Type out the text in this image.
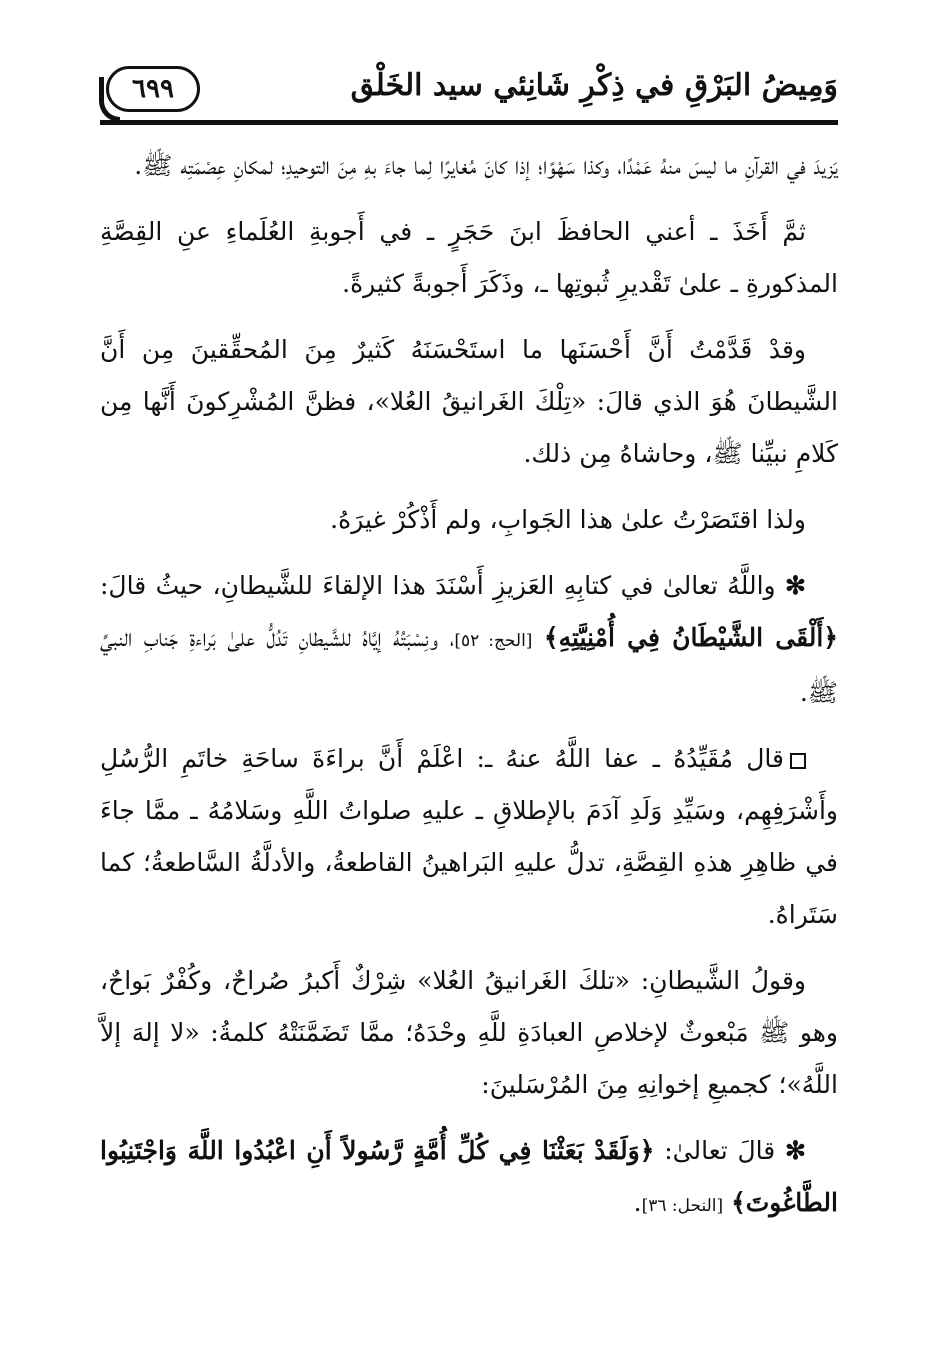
وَمِيضُ البَرْقِ في ذِكْرِ شَانِئي سيد الخَلْق
٦٩٩

يَزيدَ في القرآنِ ما ليسَ منهُ عَمْدًا، وكذا سَهْوًا؛ إذا كانَ مُغايرًا لِما جاءَ بهِ مِنَ التوحيدِ؛ لمكانِ عِصْمَتِه ﷺ.

ثمَّ أَخَذَ ـ أعني الحافظَ ابنَ حَجَرٍ ـ في أَجوبةِ العُلَماءِ عنِ القِصَّةِ المذكورةِ ـ علىٰ تَقْديرِ ثُبوتِها ـ، وذَكَرَ أَجوبةً كثيرةً.

وقدْ قَدَّمْتُ أَنَّ أَحْسَنَها ما استَحْسَنَهُ كَثيرٌ مِنَ المُحقِّقينَ مِن أَنَّ الشَّيطانَ هُوَ الذي قالَ: «تِلْكَ الغَرانيقُ العُلا»، فظنَّ المُشْرِكونَ أَنَّها مِن كَلامِ نبيِّنا ﷺ، وحاشاهُ مِن ذلك.

ولذا اقتَصَرْتُ علىٰ هذا الجَوابِ، ولم أَذْكُرْ غيرَهُ.

✻ واللَّهُ تعالىٰ في كتابِهِ العَزيزِ أَسْنَدَ هذا الإلقاءَ للشَّيطانِ، حيثُ قالَ: ﴿أَلْقَى الشَّيْطَانُ فِي أُمْنِيَّتِهِ﴾ [الحج: ٥٢]، ونِسْبَتُهُ إيَّاهُ للشَّيطانِ تَدُلُّ علىٰ بَراءةِ جَنابِ النبيِّ ﷺ.

قال مُقَيِّدُهُ ـ عفا اللَّهُ عنهُ ـ: اعْلَمْ أَنَّ براءَةَ ساحَةِ خاتَمِ الرُّسُلِ وأَشْرَفِهِم، وسَيِّدِ وَلَدِ آدَمَ بالإطلاقِ ـ عليهِ صلواتُ اللَّهِ وسَلامُهُ ـ ممَّا جاءَ في ظاهِرِ هذهِ القِصَّةِ، تدلُّ عليهِ البَراهينُ القاطعةُ، والأدلَّةُ السَّاطعةُ؛ كما سَتَراهُ.

وقولُ الشَّيطانِ: «تلكَ الغَرانيقُ العُلا» شِرْكٌ أَكبرُ صُراحٌ، وكُفْرٌ بَواحٌ، وهو ﷺ مَبْعوثٌ لإخلاصِ العبادَةِ للَّهِ وحْدَهُ؛ ممَّا تَضَمَّنَتْهُ كلمةُ: «لا إلهَ إلاَّ اللَّهُ»؛ كجميعِ إخوانِهِ مِنَ المُرْسَلينَ:

✻ قالَ تعالىٰ: ﴿وَلَقَدْ بَعَثْنَا فِي كُلِّ أُمَّةٍ رَّسُولاً أَنِ اعْبُدُوا اللَّهَ وَاجْتَنِبُوا الطَّاغُوتَ﴾ [النحل: ٣٦].
